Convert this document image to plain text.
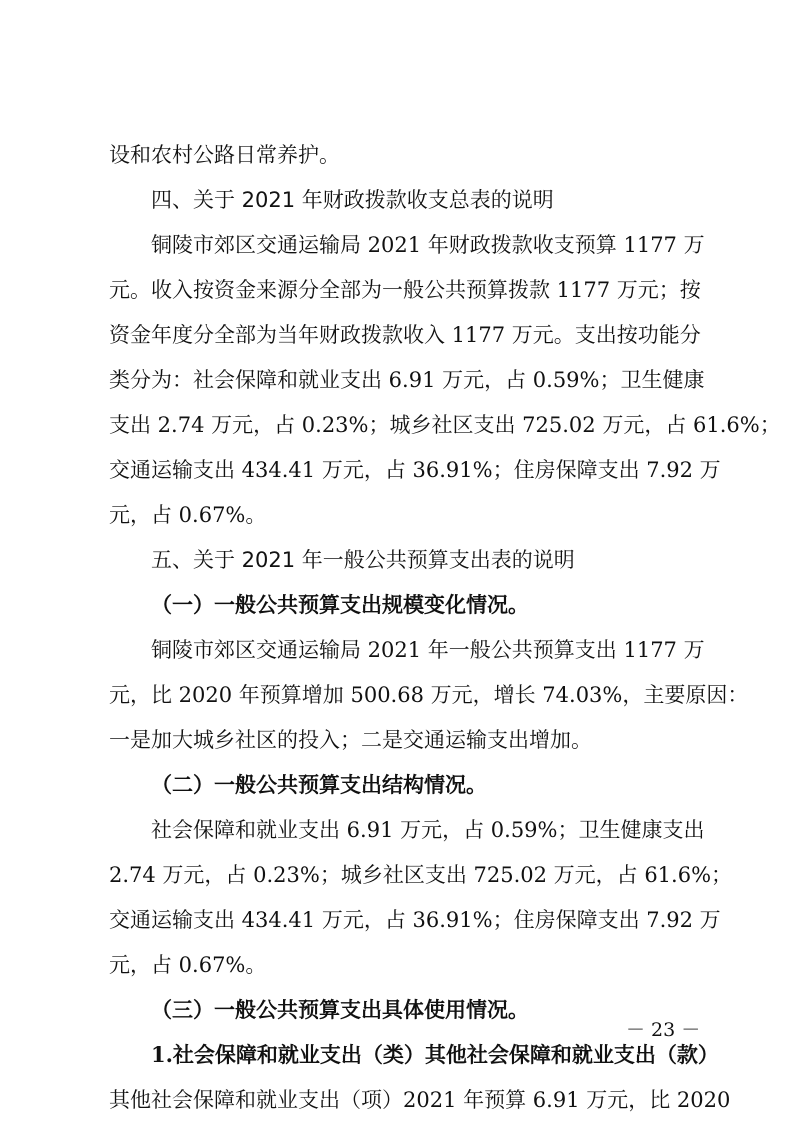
设和农村公路日常养护。

四、关于 2021 年财政拨款收支总表的说明

铜陵市郊区交通运输局 2021 年财政拨款收支预算 1177 万

元。收入按资金来源分全部为一般公共预算拨款 1177 万元；按

资金年度分全部为当年财政拨款收入 1177 万元。支出按功能分

类分为：社会保障和就业支出 6.91 万元，占 0.59%；卫生健康

支出 2.74 万元，占 0.23%；城乡社区支出 725.02 万元，占 61.6%；

交通运输支出 434.41 万元，占 36.91%；住房保障支出 7.92 万

元，占 0.67%。

五、关于 2021 年一般公共预算支出表的说明

（一）一般公共预算支出规模变化情况。

铜陵市郊区交通运输局 2021 年一般公共预算支出 1177 万

元，比 2020 年预算增加 500.68 万元，增长 74.03%，主要原因：

一是加大城乡社区的投入；二是交通运输支出增加。

（二）一般公共预算支出结构情况。

社会保障和就业支出 6.91 万元，占 0.59%；卫生健康支出

2.74 万元，占 0.23%；城乡社区支出 725.02 万元，占 61.6%；

交通运输支出 434.41 万元，占 36.91%；住房保障支出 7.92 万

元，占 0.67%。

（三）一般公共预算支出具体使用情况。

1.社会保障和就业支出（类）其他社会保障和就业支出（款）

其他社会保障和就业支出（项）2021 年预算 6.91 万元，比 2020

－ 23 －
